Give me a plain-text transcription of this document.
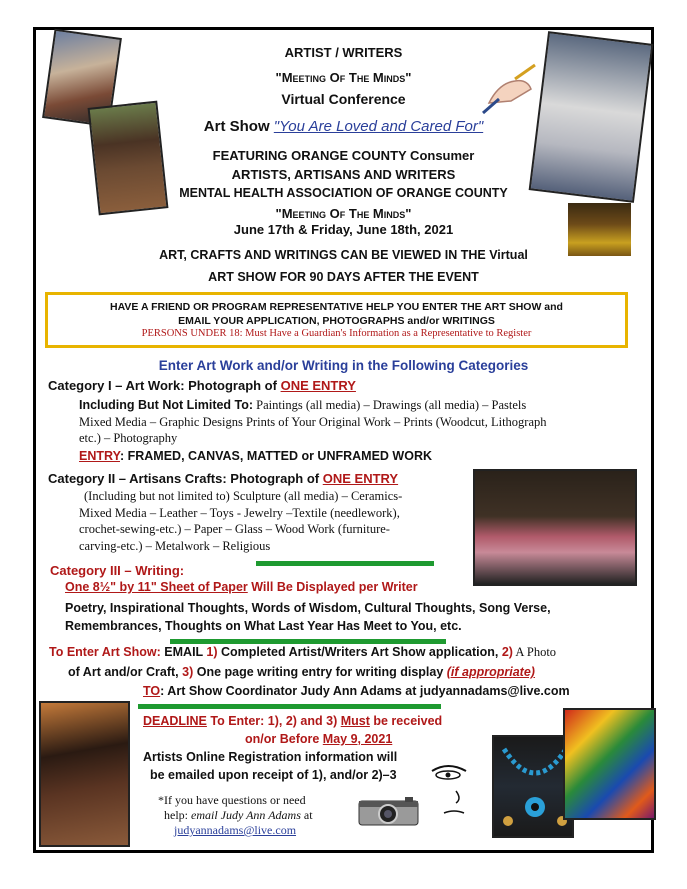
ARTIST / WRITERS
"Meeting Of The Minds"
Virtual Conference
Art Show "You Are Loved and Cared For"
FEATURING ORANGE COUNTY Consumer
ARTISTS, ARTISANS AND WRITERS
MENTAL HEALTH ASSOCIATION OF ORANGE COUNTY
"Meeting Of The Minds"
June 17th & Friday, June 18th, 2021
ART, CRAFTS AND WRITINGS CAN BE VIEWED IN THE Virtual
ART SHOW FOR 90 DAYS AFTER THE EVENT
HAVE A FRIEND OR PROGRAM REPRESENTATIVE HELP YOU ENTER THE ART SHOW and
EMAIL YOUR APPLICATION, PHOTOGRAPHS and/or WRITINGS
PERSONS UNDER 18: Must Have a Guardian's Information as a Representative to Register
Enter Art Work and/or Writing in the Following Categories
Category I – Art Work: Photograph of ONE ENTRY
Including But Not Limited To: Paintings (all media) – Drawings (all media) – Pastels
Mixed Media – Graphic Designs Prints of Your Original Work – Prints (Woodcut, Lithograph
etc.) – Photography
ENTRY: FRAMED, CANVAS, MATTED or UNFRAMED WORK
Category II – Artisans Crafts: Photograph of ONE ENTRY
(Including but not limited to) Sculpture (all media) – Ceramics-
Mixed Media – Leather – Toys - Jewelry –Textile (needlework),
crochet-sewing-etc.) – Paper – Glass – Wood Work (furniture-
carving-etc.) – Metalwork – Religious
Category III – Writing:
One 8½" by 11" Sheet of Paper Will Be Displayed per Writer
Poetry, Inspirational Thoughts, Words of Wisdom, Cultural Thoughts, Song Verse,
Remembrances, Thoughts on What Last Year Has Meet to You, etc.
To Enter Art Show: EMAIL 1) Completed Artist/Writers Art Show application, 2) A Photo
of Art and/or Craft, 3) One page writing entry for writing display (if appropriate)
TO: Art Show Coordinator Judy Ann Adams at judyannadams@live.com
DEADLINE To Enter: 1), 2) and 3) Must be received
on/or Before May 9, 2021
Artists Online Registration information will
be emailed upon receipt of 1), and/or 2)–3
*If you have questions or need
help: email Judy Ann Adams at
judyannadams@live.com
